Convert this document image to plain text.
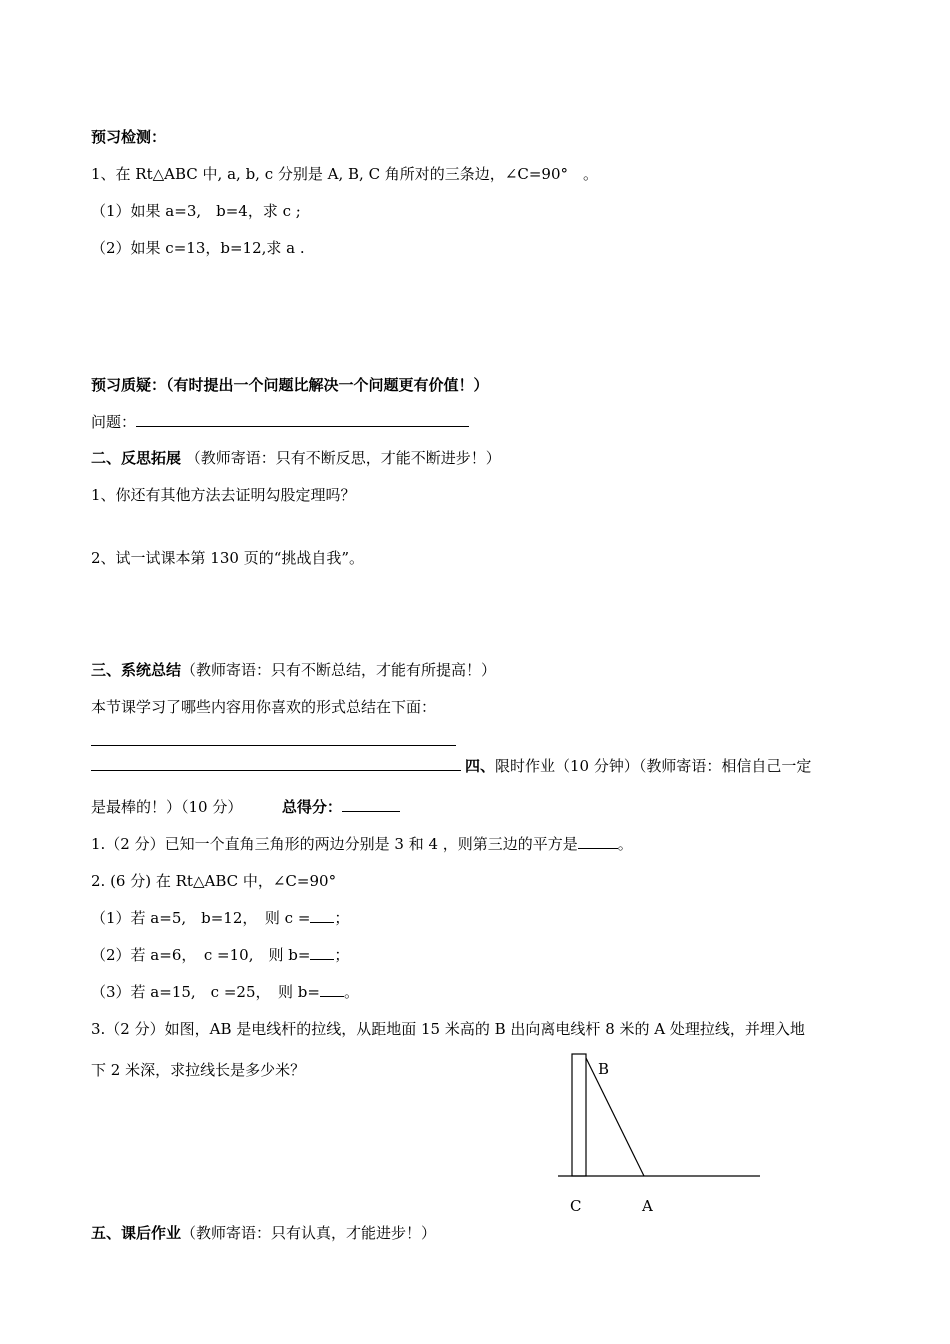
预习检测：
1、在 Rt△ABC 中, a, b, c 分别是 A, B, C 角所对的三条边，∠C=90°　。
（1）如果 a=3,　b=4，求 c ;
（2）如果 c=13，b=12,求 a .
预习质疑：（有时提出一个问题比解决一个问题更有价值！）
问题：
二、反思拓展 （教师寄语：只有不断反思，才能不断进步！）
1、你还有其他方法去证明勾股定理吗？
2、试一试课本第 130 页的“挑战自我”。
三、系统总结（教师寄语：只有不断总结，才能有所提高！）
本节课学习了哪些内容用你喜欢的形式总结在下面：
四、限时作业（10 分钟）（教师寄语：相信自己一定
是最棒的！）（10 分）	总得分：
1.（2 分）已知一个直角三角形的两边分别是 3 和 4 ，则第三边的平方是	。
2. (6 分) 在 Rt△ABC 中，∠C=90°
（1）若 a=5,　b=12，　则 c = ；
（2）若 a=6，　c =10,　则 b= ；
（3）若 a=15,　c =25，　则 b= 。
3.（2 分）如图，AB 是电线杆的拉线，从距地面 15 米高的 B 出向离电线杆 8 米的 A 处理拉线，并埋入地
下 2 米深，求拉线长是多少米？	B
C	A
五、课后作业（教师寄语：只有认真，才能进步！）
